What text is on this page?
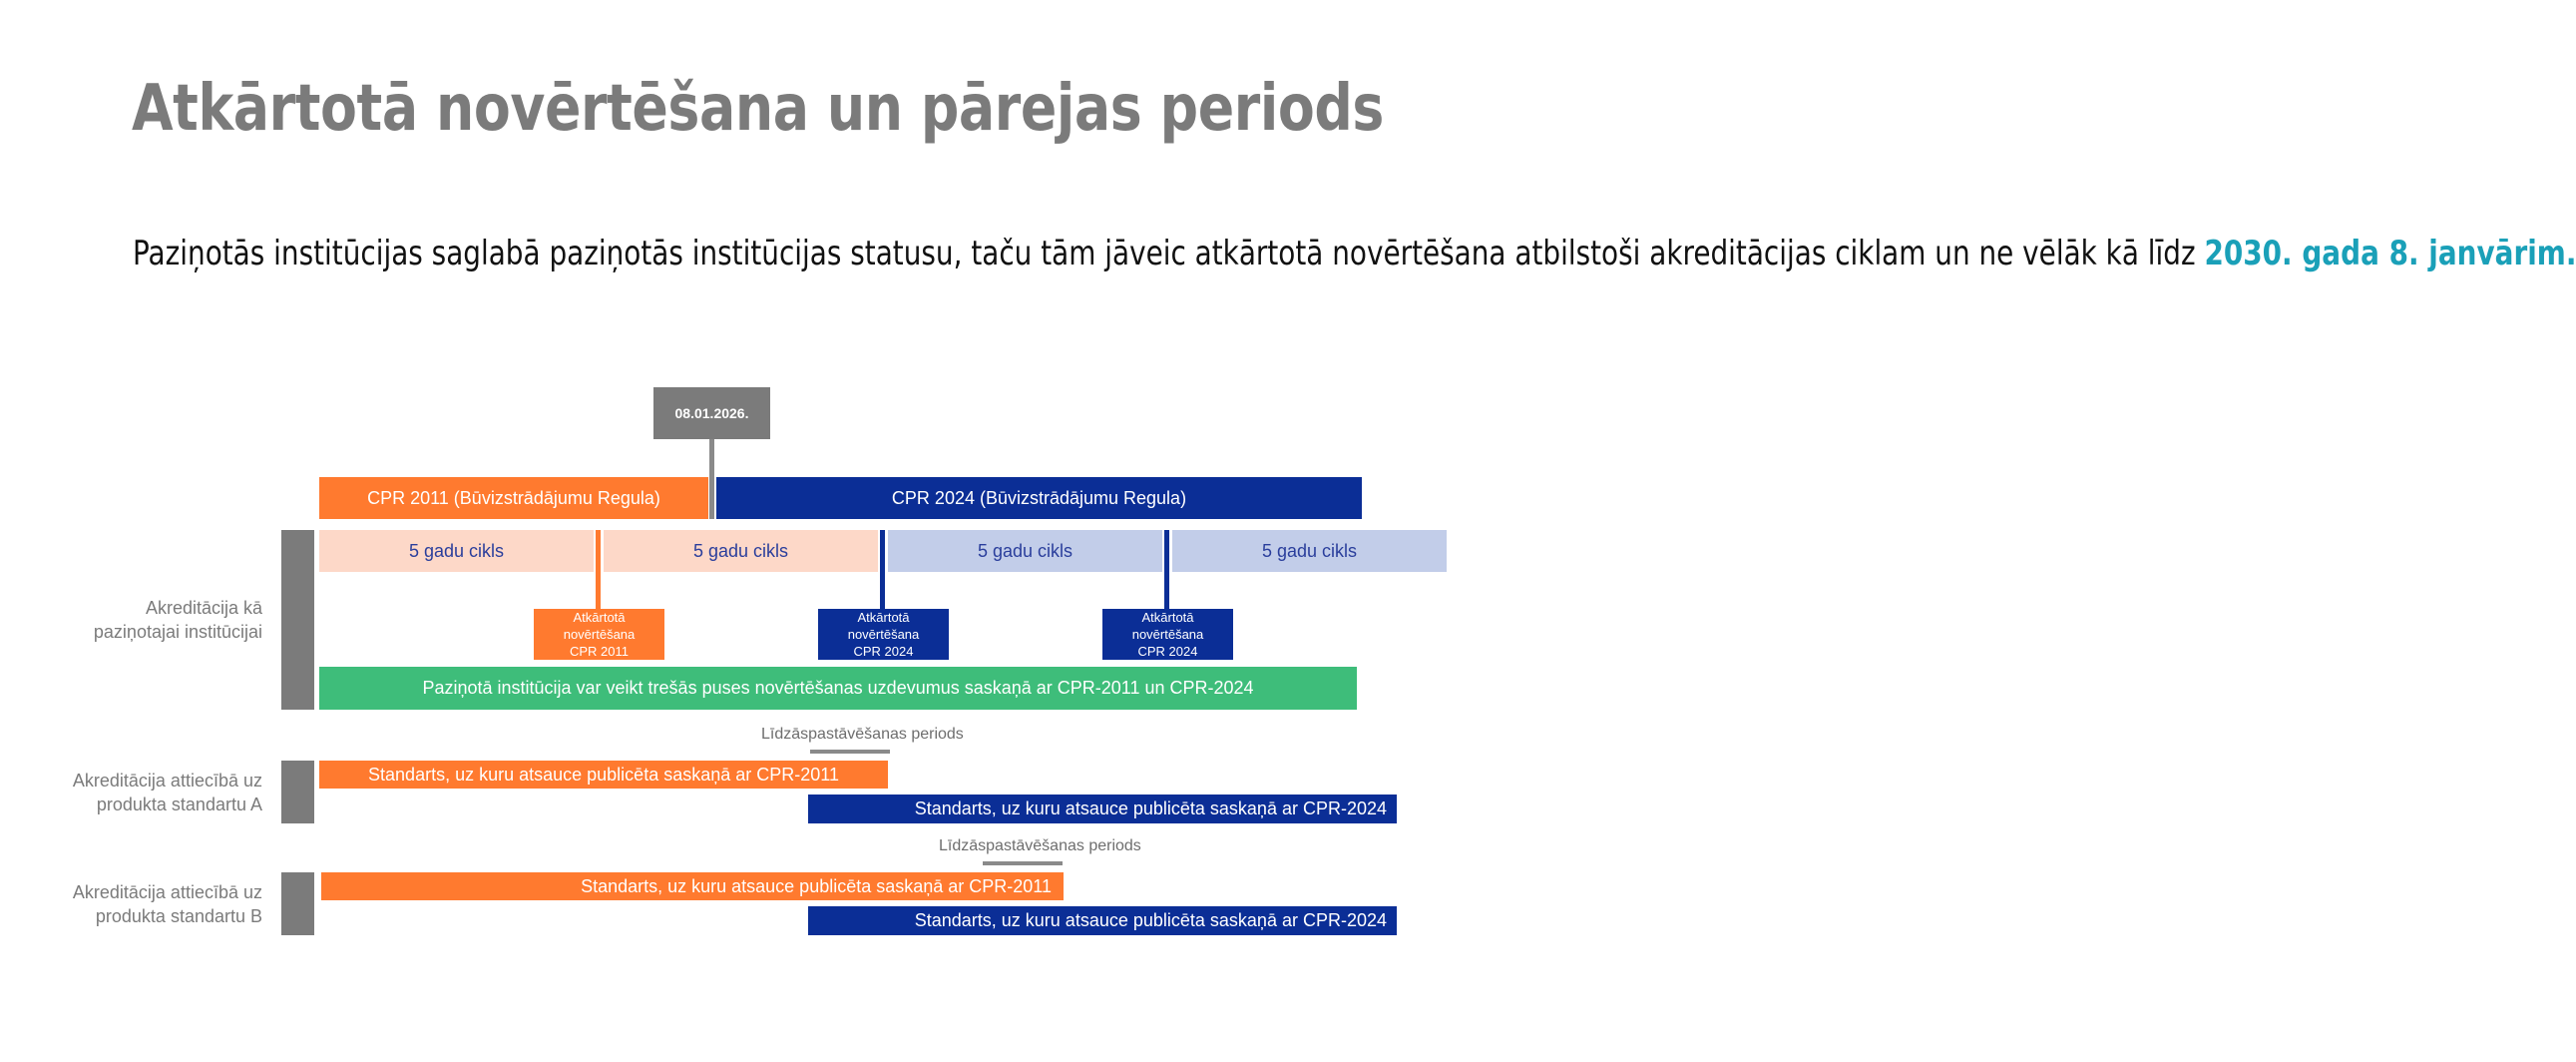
Atkārtotā novērtēšana un pārejas periods
Paziņotās institūcijas saglabā paziņotās institūcijas statusu, taču tām jāveic atkārtotā novērtēšana atbilstoši akreditācijas ciklam un ne vēlāk kā līdz 2030. gada 8. janvārim.
08.01.2026.
CPR 2011 (Būvizstrādājumu Regula)	CPR 2024 (Būvizstrādājumu Regula)
Akreditācija kā
paziņotajai institūcijai
5 gadu cikls	5 gadu cikls	5 gadu cikls	5 gadu cikls
Atkārtotā
novērtēšana
CPR 2011
Atkārtotā
novērtēšana
CPR 2024
Atkārtotā
novērtēšana
CPR 2024
Paziņotā institūcija var veikt trešās puses novērtēšanas uzdevumus saskaņā ar CPR-2011 un CPR-2024
Līdzāspastāvēšanas periods
Akreditācija attiecībā uz
produkta standartu A
Standarts, uz kuru atsauce publicēta saskaņā ar CPR-2011
Standarts, uz kuru atsauce publicēta saskaņā ar CPR-2024
Līdzāspastāvēšanas periods
Akreditācija attiecībā uz
produkta standartu B
Standarts, uz kuru atsauce publicēta saskaņā ar CPR-2011
Standarts, uz kuru atsauce publicēta saskaņā ar CPR-2024
